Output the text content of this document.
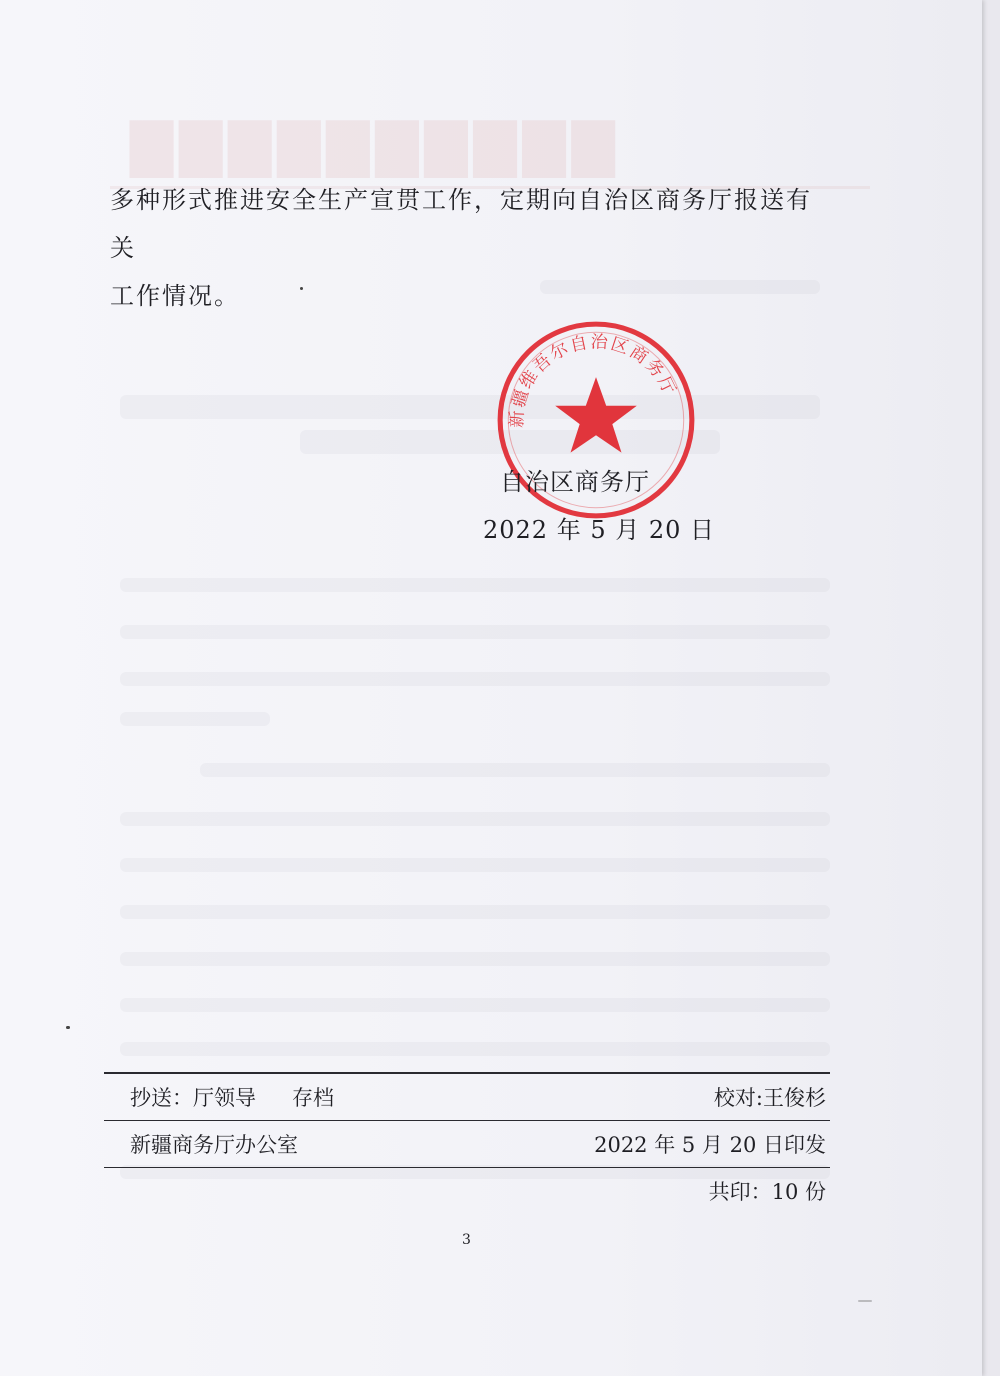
▇▇▇▇▇▇▇▇▇▇

多种形式推进安全生产宣贯工作，定期向自治区商务厅报送有关

工作情况。

新疆维吾尔自治区商务厅
自治区商务厅
2022 年 5 月 20 日
抄送：厅领导 存档	校对:王俊杉
新疆商务厅办公室	2022 年 5 月 20 日印发
共印：10 份
3
